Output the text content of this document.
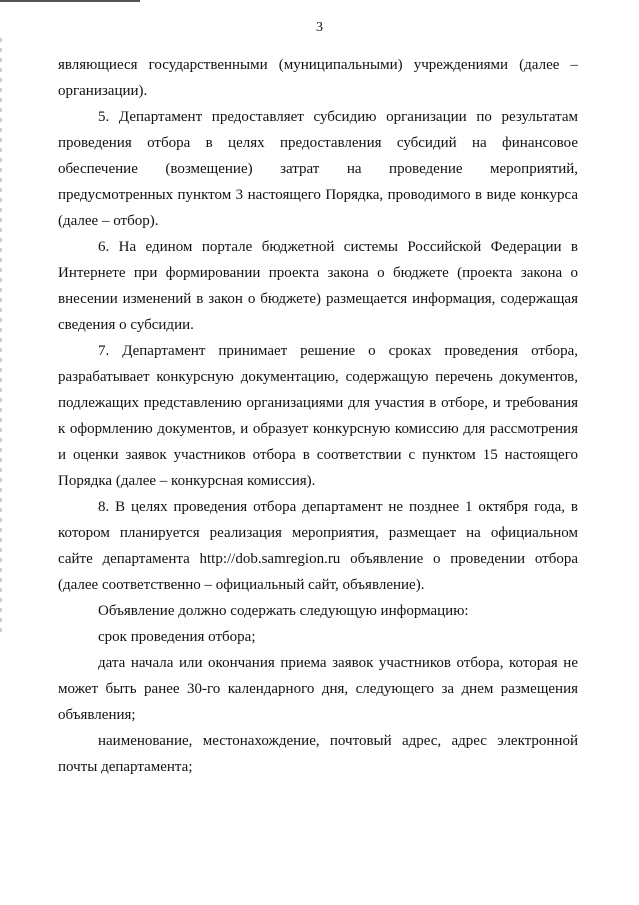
3

являющиеся государственными (муниципальными) учреждениями (далее – организации).

5. Департамент предоставляет субсидию организации по результатам проведения отбора в целях предоставления субсидий на финансовое обеспечение (возмещение) затрат на проведение мероприятий, предусмотренных пунктом 3 настоящего Порядка, проводимого в виде конкурса (далее – отбор).

6. На едином портале бюджетной системы Российской Федерации в Интернете при формировании проекта закона о бюджете (проекта закона о внесении изменений в закон о бюджете) размещается информация, содержащая сведения о субсидии.

7. Департамент принимает решение о сроках проведения отбора, разрабатывает конкурсную документацию, содержащую перечень документов, подлежащих представлению организациями для участия в отборе, и требования к оформлению документов, и образует конкурсную комиссию для рассмотрения и оценки заявок участников отбора в соответствии с пунктом 15 настоящего Порядка (далее – конкурсная комиссия).

8. В целях проведения отбора департамент не позднее 1 октября года, в котором планируется реализация мероприятия, размещает на официальном сайте департамента http://dob.samregion.ru объявление о проведении отбора (далее соответственно – официальный сайт, объявление).

Объявление должно содержать следующую информацию:

срок проведения отбора;

дата начала или окончания приема заявок участников отбора, которая не может быть ранее 30-го календарного дня, следующего за днем размещения объявления;

наименование, местонахождение, почтовый адрес, адрес электронной почты департамента;
